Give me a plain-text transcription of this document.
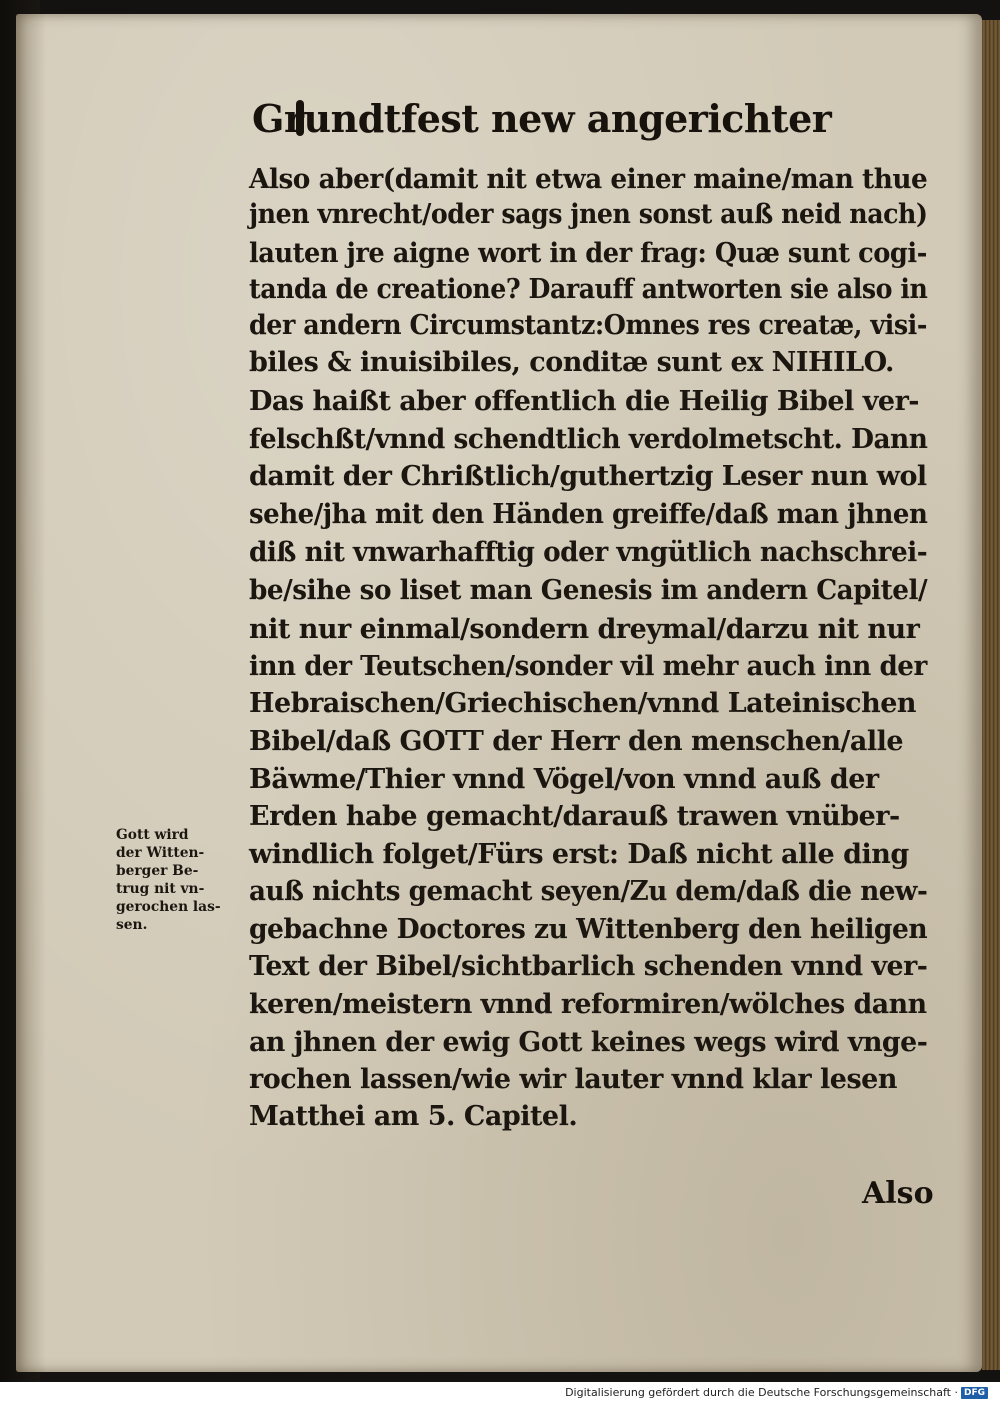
Grundtfest new angerichter

Also aber(damit nit etwa einer maine/man thue

jnen vnrecht/oder sags jnen sonst auß neid nach)

lauten jre aigne wort in der frag: Quæ sunt cogi-

tanda de creatione? Darauff antworten sie also in

der andern Circumstantz:Omnes res creatæ, visi-

biles & inuisibiles, conditæ sunt ex NIHILO.

Das haißt aber offentlich die Heilig Bibel ver-

felschßt/vnnd schendtlich verdolmetscht. Dann

damit der Chrißtlich/guthertzig Leser nun wol

sehe/jha mit den Händen greiffe/daß man jhnen

diß nit vnwarhafftig oder vngütlich nachschrei-

be/sihe so liset man Genesis im andern Capitel/

nit nur einmal/sondern dreymal/darzu nit nur

inn der Teutschen/sonder vil mehr auch inn der

Hebraischen/Griechischen/vnnd Lateinischen

Bibel/daß GOTT der Herr den menschen/alle

Bäwme/Thier vnnd Vögel/von vnnd auß der

Erden habe gemacht/darauß trawen vnüber-

windlich folget/Fürs erst: Daß nicht alle ding

auß nichts gemacht seyen/Zu dem/daß die new-

gebachne Doctores zu Wittenberg den heiligen

Text der Bibel/sichtbarlich schenden vnnd ver-

keren/meistern vnnd reformiren/wölches dann

an jhnen der ewig Gott keines wegs wird vnge-

rochen lassen/wie wir lauter vnnd klar lesen

Matthei am 5. Capitel.

Gott wird
der Witten-
berger Be-
trug nit vn-
gerochen las-
sen.
Also
Digitalisierung gefördert durch die Deutsche Forschungsgemeinschaft · DFG
